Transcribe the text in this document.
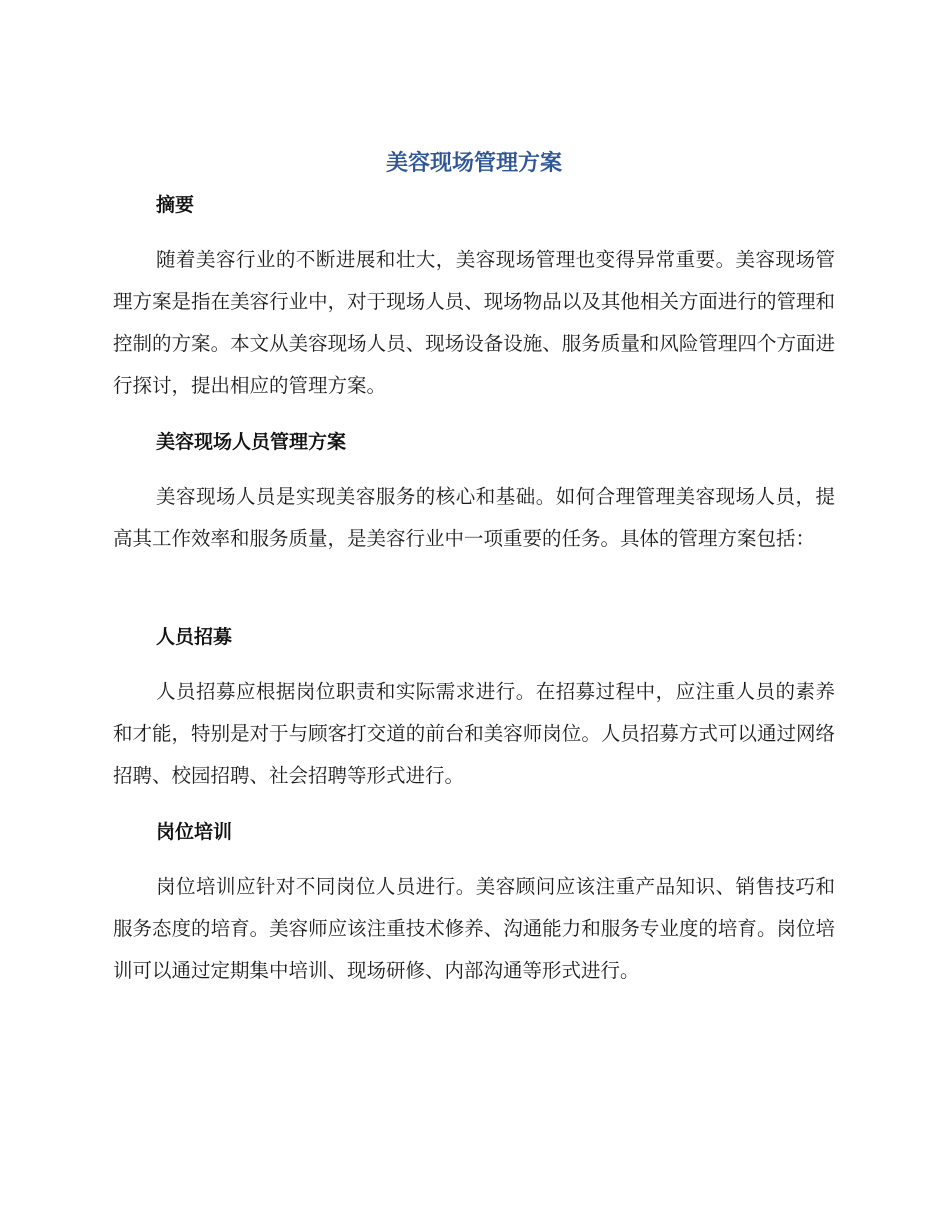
美容现场管理方案
摘要

随着美容行业的不断进展和壮大，美容现场管理也变得异常重要。美容现场管理方案是指在美容行业中，对于现场人员、现场物品以及其他相关方面进行的管理和控制的方案。本文从美容现场人员、现场设备设施、服务质量和风险管理四个方面进行探讨，提出相应的管理方案。

美容现场人员管理方案

美容现场人员是实现美容服务的核心和基础。如何合理管理美容现场人员，提高其工作效率和服务质量，是美容行业中一项重要的任务。具体的管理方案包括：

人员招募

人员招募应根据岗位职责和实际需求进行。在招募过程中，应注重人员的素养和才能，特别是对于与顾客打交道的前台和美容师岗位。人员招募方式可以通过网络招聘、校园招聘、社会招聘等形式进行。

岗位培训

岗位培训应针对不同岗位人员进行。美容顾问应该注重产品知识、销售技巧和服务态度的培育。美容师应该注重技术修养、沟通能力和服务专业度的培育。岗位培训可以通过定期集中培训、现场研修、内部沟通等形式进行。
